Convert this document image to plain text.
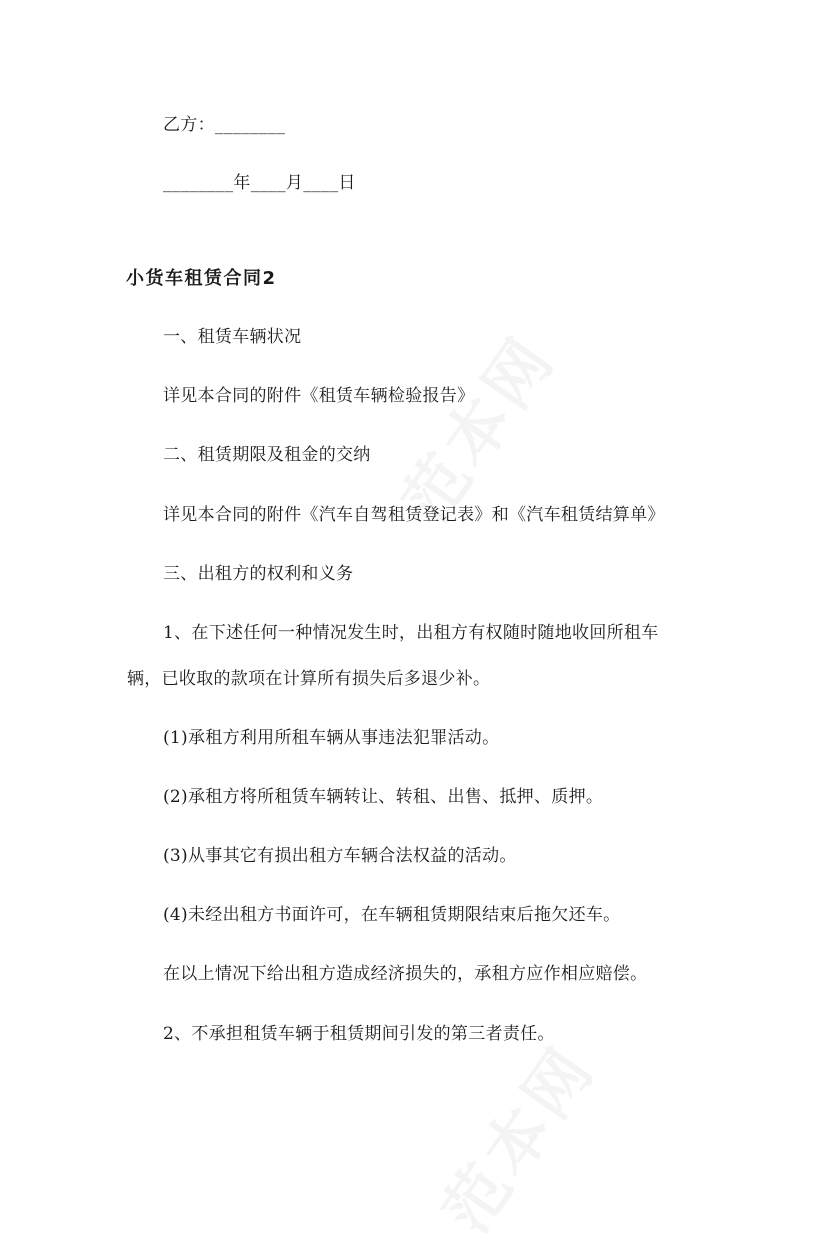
乙方：________
________年____月____日
小货车租赁合同2
一、租赁车辆状况
详见本合同的附件《租赁车辆检验报告》
二、租赁期限及租金的交纳
详见本合同的附件《汽车自驾租赁登记表》和《汽车租赁结算单》
三、出租方的权利和义务
1、在下述任何一种情况发生时，出租方有权随时随地收回所租车
辆，已收取的款项在计算所有损失后多退少补。
(1)承租方利用所租车辆从事违法犯罪活动。
(2)承租方将所租赁车辆转让、转租、出售、抵押、质押。
(3)从事其它有损出租方车辆合法权益的活动。
(4)未经出租方书面许可，在车辆租赁期限结束后拖欠还车。
在以上情况下给出租方造成经济损失的，承租方应作相应赔偿。
2、不承担租赁车辆于租赁期间引发的第三者责任。
